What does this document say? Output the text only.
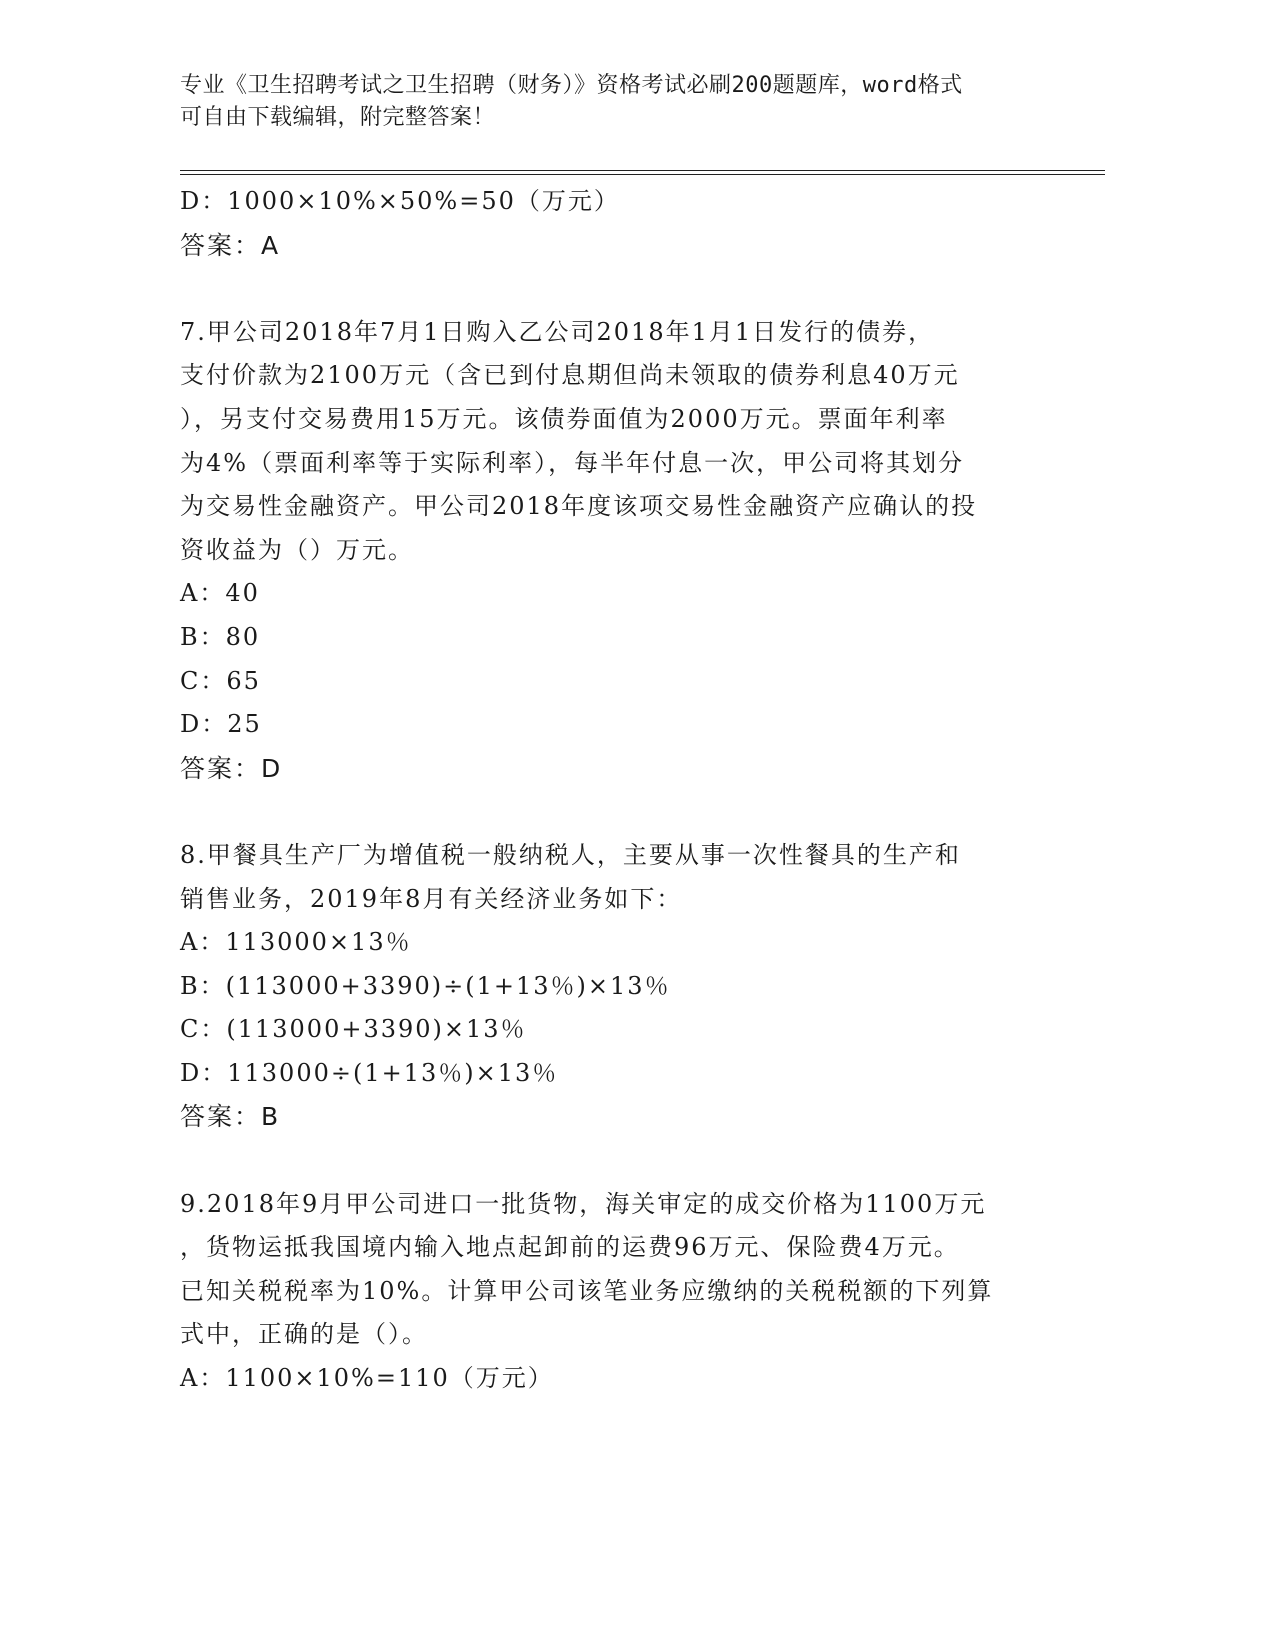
专业《卫生招聘考试之卫生招聘（财务）》资格考试必刷200题题库，word格式

可自由下载编辑，附完整答案！

D：1000×10%×50%=50（万元）
答案：A
7.甲公司2018年7月1日购入乙公司2018年1月1日发行的债券，
支付价款为2100万元（含已到付息期但尚未领取的债券利息40万元
），另支付交易费用15万元。该债券面值为2000万元。票面年利率
为4%（票面利率等于实际利率），每半年付息一次，甲公司将其划分
为交易性金融资产。甲公司2018年度该项交易性金融资产应确认的投
资收益为（）万元。
A：40
B：80
C：65
D：25
答案：D
8.甲餐具生产厂为增值税一般纳税人，主要从事一次性餐具的生产和
销售业务，2019年8月有关经济业务如下：
A：113000×13％
B：(113000+3390)÷(1+13％)×13％
C：(113000+3390)×13％
D：113000÷(1+13％)×13％
答案：B
9.2018年9月甲公司进口一批货物，海关审定的成交价格为1100万元
，货物运抵我国境内输入地点起卸前的运费96万元、保险费4万元。
已知关税税率为10%。计算甲公司该笔业务应缴纳的关税税额的下列算
式中，正确的是（）。
A：1100×10%=110（万元）
